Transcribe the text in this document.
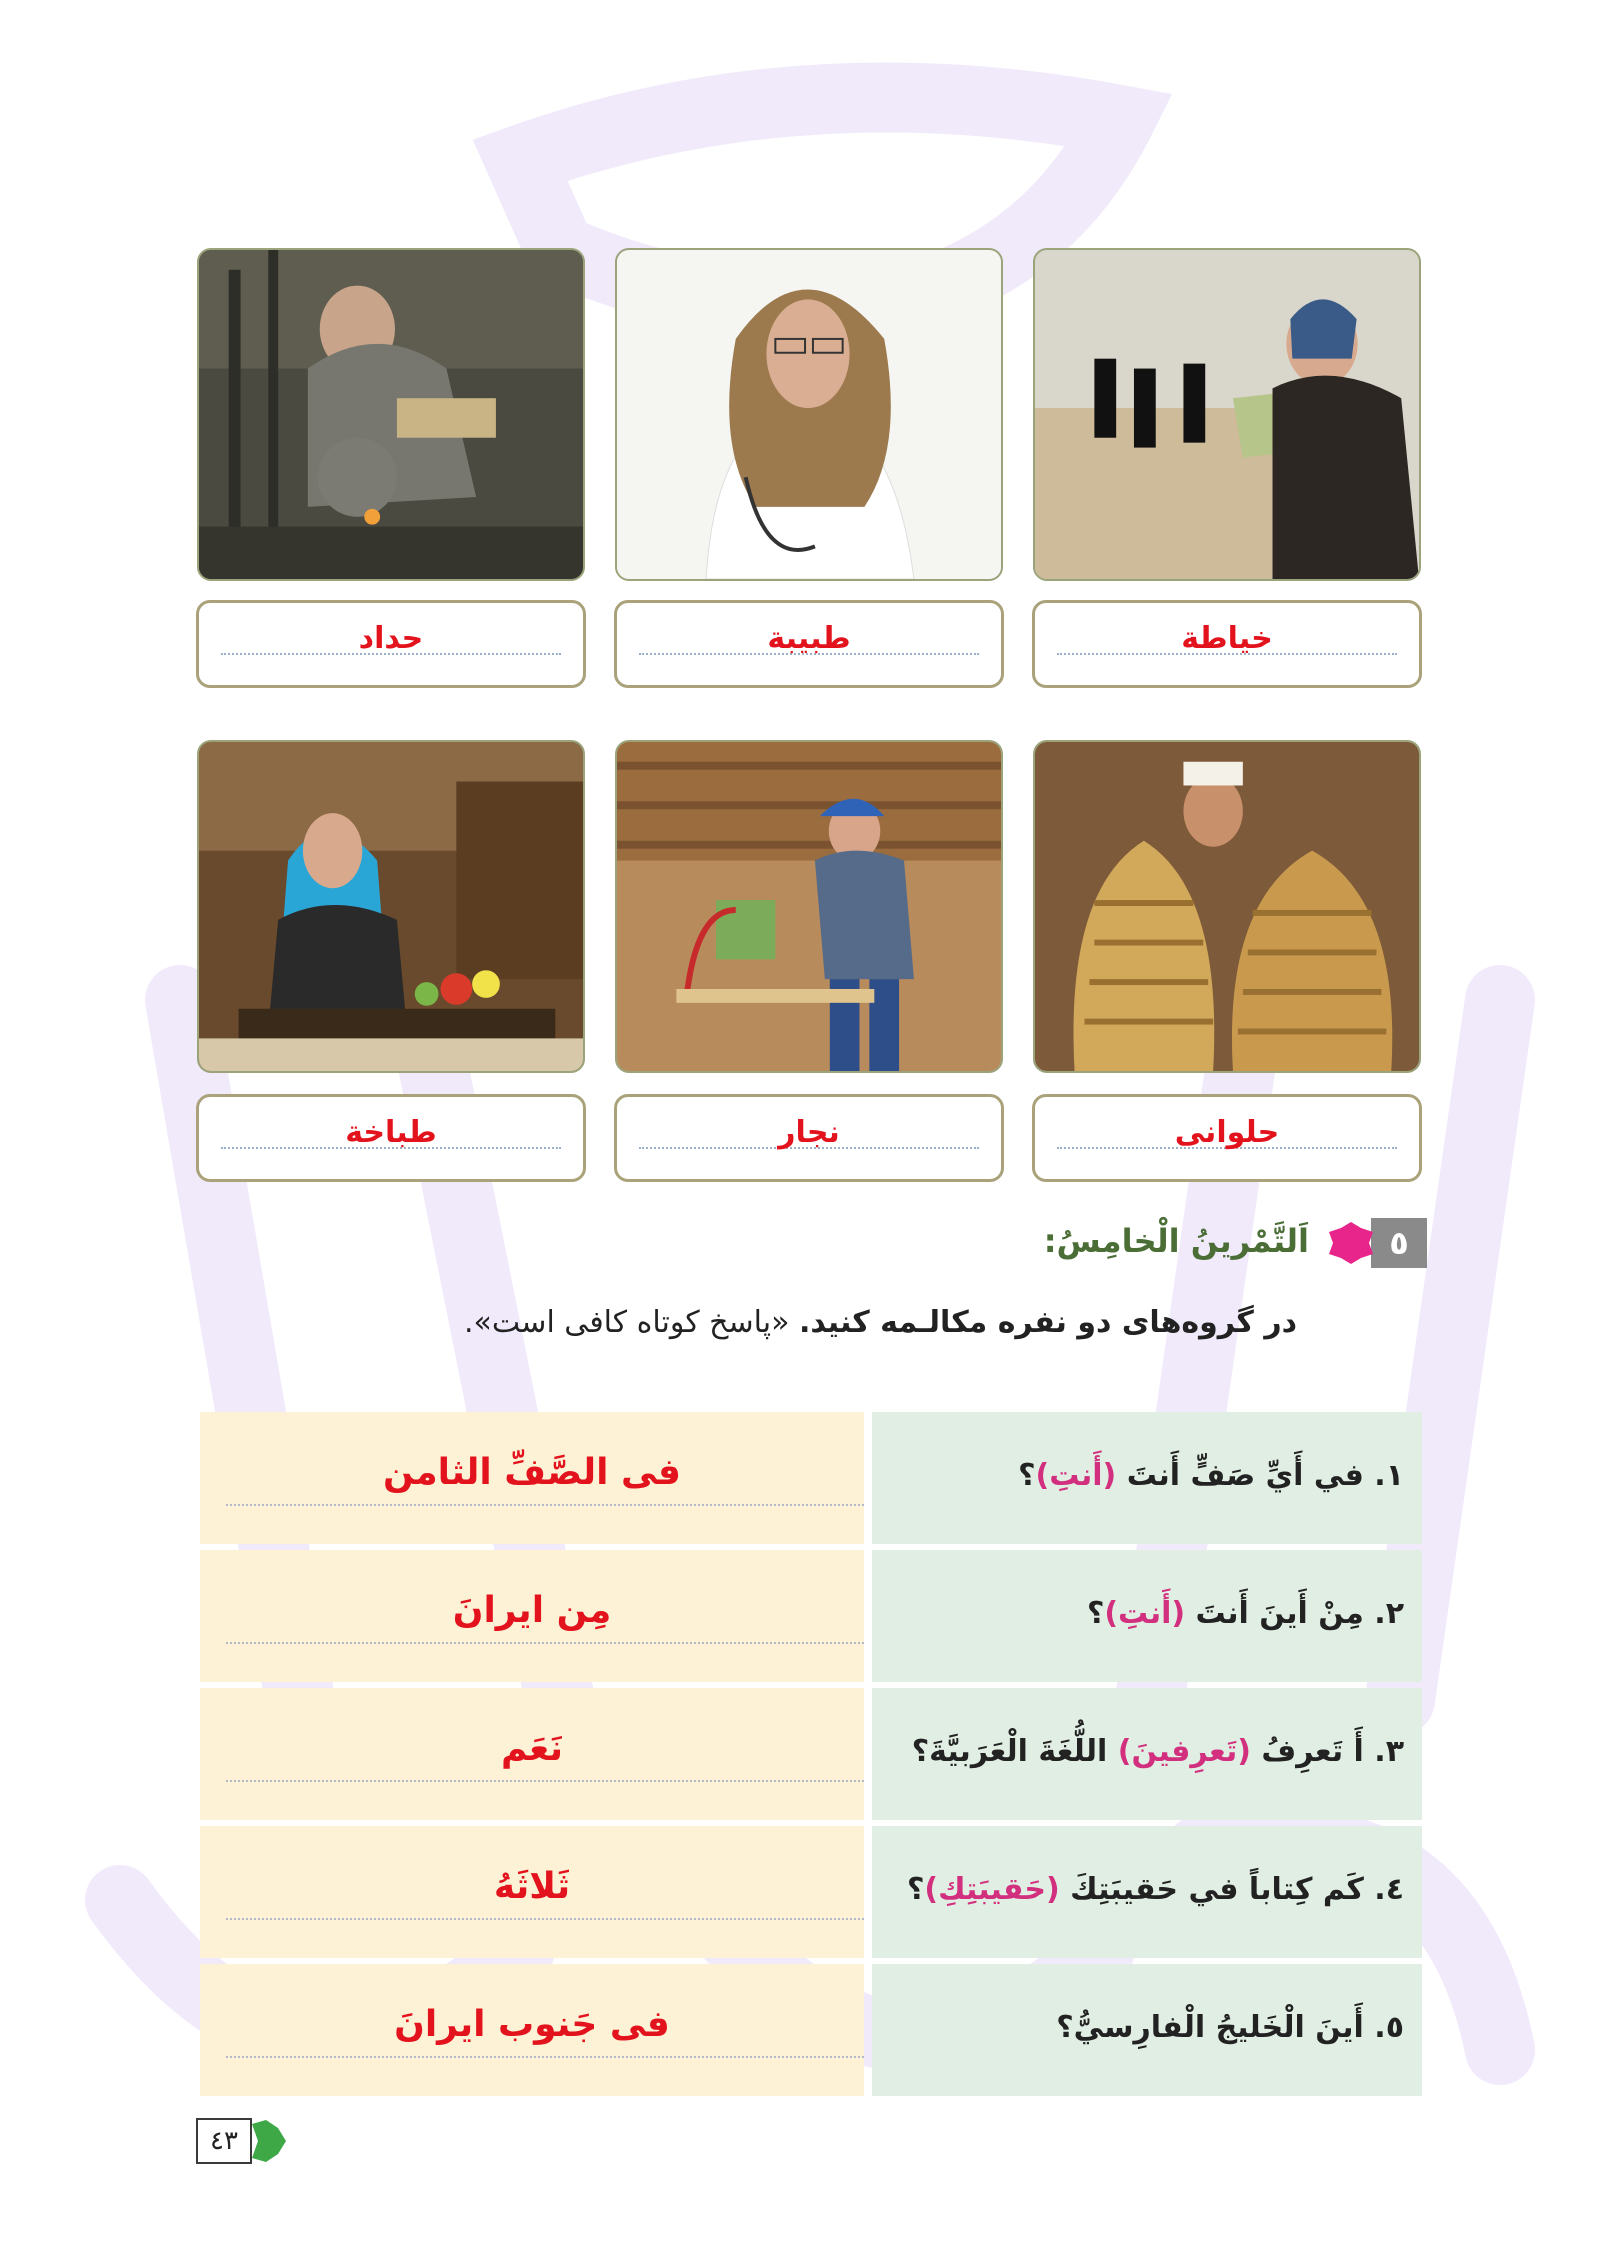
حداد	طبيبة	خياطة
طباخة	نجار	حلوانی
٥
اَلتَّمْرينُ الْخامِسُ:
در گروه‌های دو نفره مکالـمه کنید. «پاسخ کوتاه کافی است».
فی الصَّفِّ الثامن	١. في أَيِّ صَفٍّ أَنتَ (أَنتِ)؟
مِن ایرانَ	٢. مِنْ أَينَ أَنتَ (أَنتِ)؟
نَعَم	٣. أَ تَعرِفُ (تَعرِفينَ) اللُّغَةَ الْعَرَبيَّةَ؟
ثَلاثَهُ	٤. كَم كِتاباً في حَقيبَتِكَ (حَقيبَتِكِ)؟
فی جَنوب ایرانَ	٥. أَينَ الْخَليجُ الْفارِسيُّ؟
٤٣
